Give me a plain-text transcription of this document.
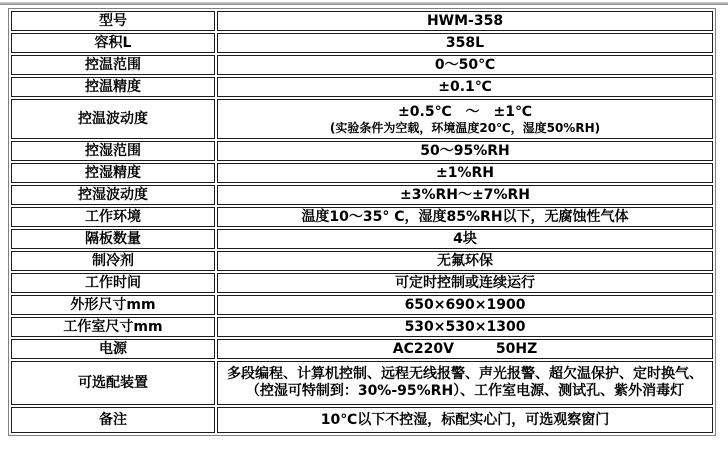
型号	HWM-358
容积L	358L
控温范围	0～50℃
控温精度	±0.1℃
控温波动度	±0.5℃　～　±1℃
(实验条件为空载，环境温度20℃，湿度50%RH)

控湿范围	50～95%RH
控湿精度	±1%RH
控湿波动度	±3%RH～±7%RH
工作环境	温度10～35° C，湿度85%RH以下，无腐蚀性气体
隔板数量	4块
制冷剂	无氟环保
工作时间	可定时控制或连续运行
外形尺寸mm	650×690×1900
工作室尺寸mm	530×530×1300
电源	AC220V　　　50HZ
可选配装置	多段编程、计算机控制、远程无线报警、声光报警、超欠温保护、定时换气、
（控湿可特制到：30%-95%RH）、工作室电源、测试孔、紫外消毒灯

备注	10℃以下不控湿，标配实心门，可选观察窗门
